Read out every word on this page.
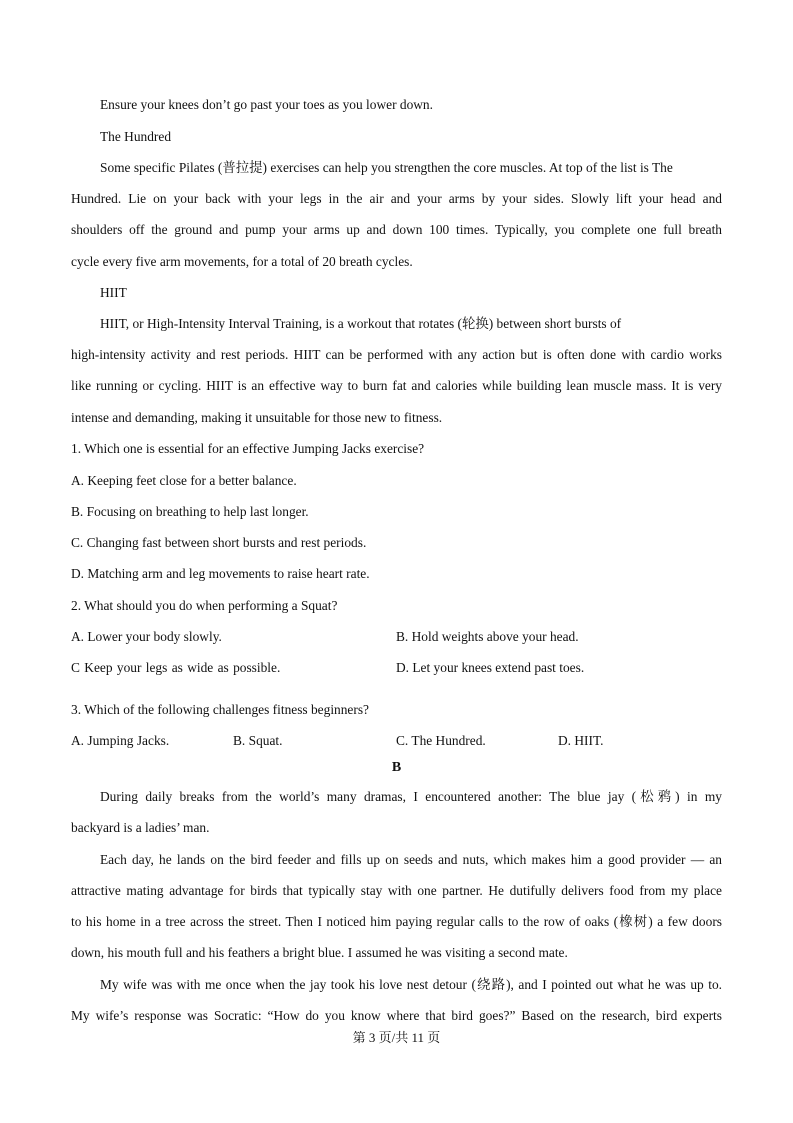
Ensure your knees don’t go past your toes as you lower down.
The Hundred
Some specific Pilates (普拉提) exercises can help you strengthen the core muscles. At top of the list is The
Hundred. Lie on your back with your legs in the air and your arms by your sides. Slowly lift your head and
shoulders off the ground and pump your arms up and down 100 times. Typically, you complete one full breath
cycle every five arm movements, for a total of 20 breath cycles.
HIIT
HIIT, or High-Intensity Interval Training, is a workout that rotates (轮换) between short bursts of
high-intensity activity and rest periods. HIIT can be performed with any action but is often done with cardio works
like running or cycling. HIIT is an effective way to burn fat and calories while building lean muscle mass. It is very
intense and demanding, making it unsuitable for those new to fitness.
1. Which one is essential for an effective Jumping Jacks exercise?
A. Keeping feet close for a better balance.
B. Focusing on breathing to help last longer.
C. Changing fast between short bursts and rest periods.
D. Matching arm and leg movements to raise heart rate.
2. What should you do when performing a Squat?
A. Lower your body slowly.	B. Hold weights above your head.
C Keep your legs as wide as possible.	D. Let your knees extend past toes.
3. Which of the following challenges fitness beginners?
A. Jumping Jacks.	B. Squat.	C. The Hundred.	D. HIIT.
B
During daily breaks from the world’s many dramas, I encountered another: The blue jay (松鸦) in my
backyard is a ladies’ man.
Each day, he lands on the bird feeder and fills up on seeds and nuts, which makes him a good provider — an
attractive mating advantage for birds that typically stay with one partner. He dutifully delivers food from my place
to his home in a tree across the street. Then I noticed him paying regular calls to the row of oaks (橡树) a few doors
down, his mouth full and his feathers a bright blue. I assumed he was visiting a second mate.
My wife was with me once when the jay took his love nest detour (绕路), and I pointed out what he was up to.
My wife’s response was Socratic: “How do you know where that bird goes?” Based on the research, bird experts
第 3 页/共 11 页
